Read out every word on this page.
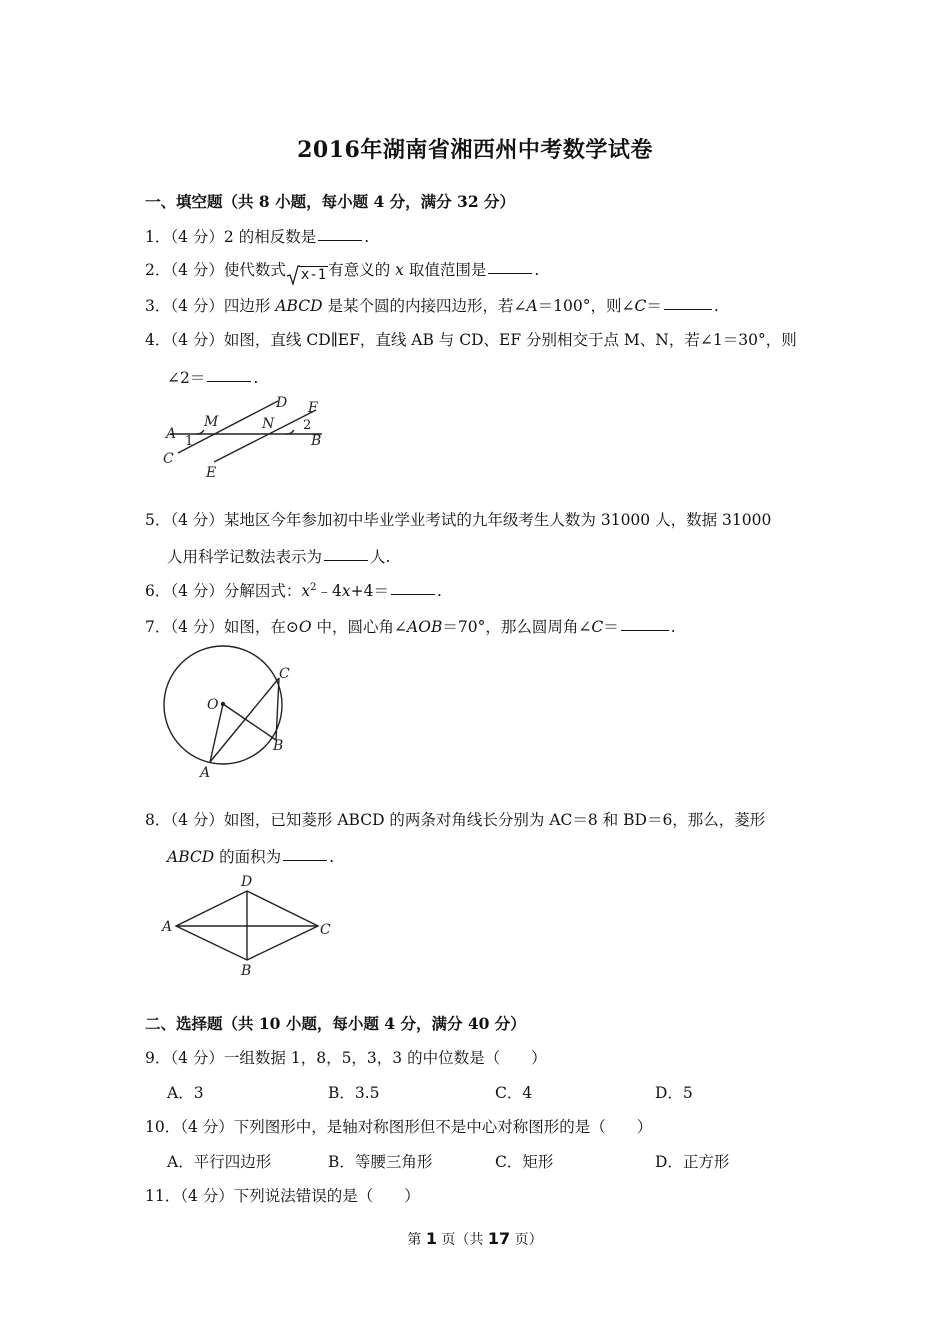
2016年湖南省湘西州中考数学试卷
一、填空题（共 8 小题，每小题 4 分，满分 32 分）
1．（4 分）2 的相反数是	.
2．（4 分）使代数式 x-1 有意义的 x 取值范围是	.
3．（4 分）四边形 ABCD 是某个圆的内接四边形，若∠A＝100°，则∠C＝	.
4．（4 分）如图，直线 CD∥EF，直线 AB 与 CD、EF 分别相交于点 M、N，若∠1＝30°，则
∠2＝	.
A	B
C
D
E
F
M	N
1
2
5．（4 分）某地区今年参加初中毕业学业考试的九年级考生人数为 31000 人，数据 31000
人用科学记数法表示为	人.
6．（4 分）分解因式：$x^2﹣4x+4=$	.
7．（4 分）如图，在⊙O 中，圆心角∠AOB＝70°，那么圆周角∠C＝	.
O
A
B
C
8．（4 分）如图，已知菱形 ABCD 的两条对角线长分别为 AC＝8 和 BD＝6，那么，菱形
ABCD 的面积为	.
A
D
C
B
二、选择题（共 10 小题，每小题 4 分，满分 40 分）
9．（4 分）一组数据 1，8，5，3，3 的中位数是（　　）
A．3	B．3.5	C．4	D．5
10．（4 分）下列图形中，是轴对称图形但不是中心对称图形的是（　　）
A．平行四边形	B．等腰三角形	C．矩形	D．正方形
11．（4 分）下列说法错误的是（　　）
第 1 页（共 17 页）
